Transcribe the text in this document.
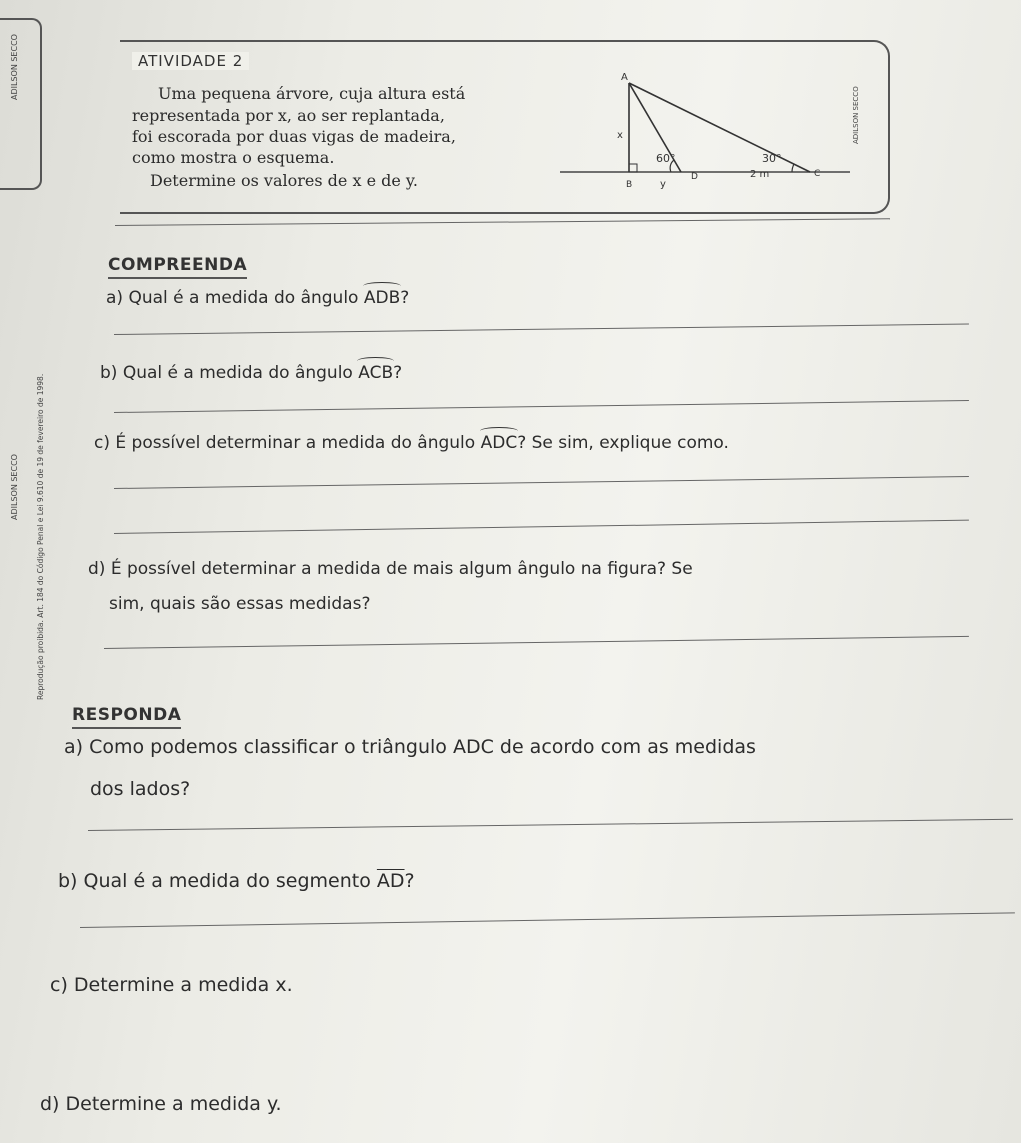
ADILSON SECCO	ATIVIDADE 2
Uma pequena árvore, cuja altura está
representada por x, ao ser replantada,
foi escorada por duas vigas de madeira,
como mostra o esquema.
Determine os valores de x e de y.
A
x
60°	30°
B	y
D	2 m	C
ADILSON SECCO
ADILSON SECCO Reprodução proibida. Art. 184 do Código Penal e Lei 9.610 de 19 de fevereiro de 1998.
COMPREENDA
a) Qual é a medida do ângulo ADB?
b) Qual é a medida do ângulo ACB?
c) É possível determinar a medida do ângulo ADC? Se sim, explique como.
d) É possível determinar a medida de mais algum ângulo na figura? Se
sim, quais são essas medidas?
RESPONDA
a) Como podemos classificar o triângulo ADC de acordo com as medidas
dos lados?
b) Qual é a medida do segmento $\overline{AD}$?
c) Determine a medida x.
d) Determine a medida y.
